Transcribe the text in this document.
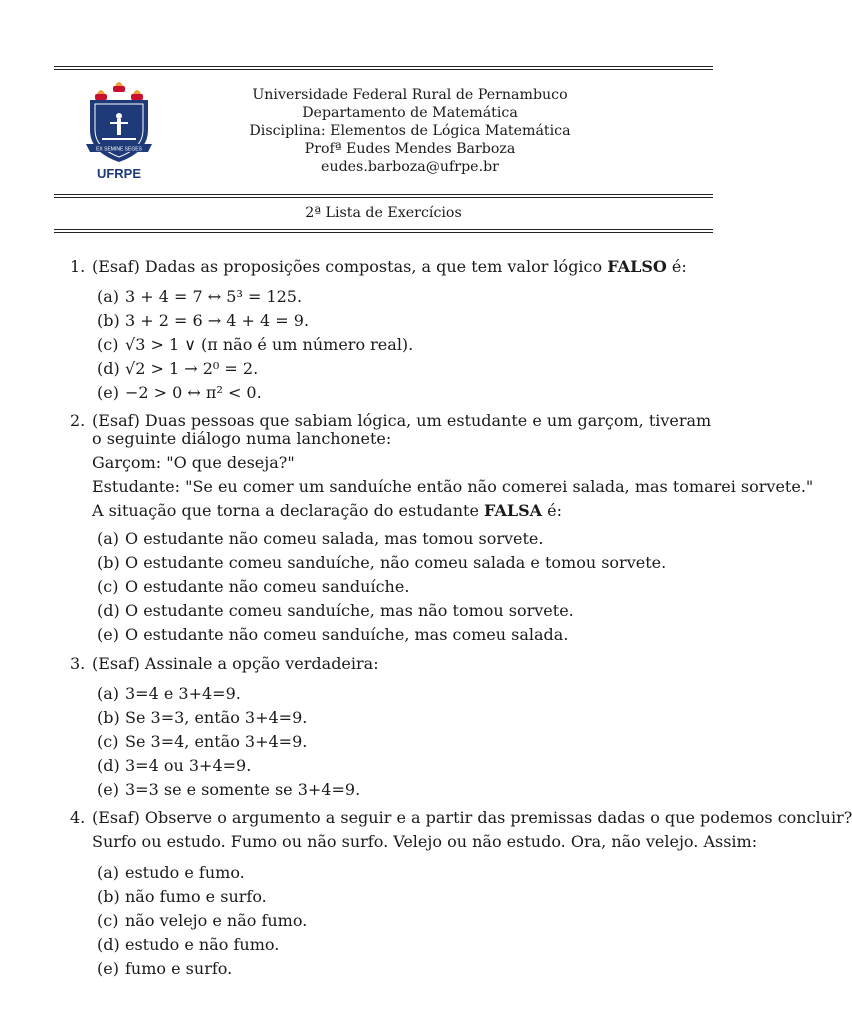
EX SEMINE SEGES
UFRPE
Universidade Federal Rural de Pernambuco
Departamento de Matemática
Disciplina: Elementos de Lógica Matemática
Profª Eudes Mendes Barboza
eudes.barboza@ufrpe.br
2ª Lista de Exercícios
1. (Esaf) Dadas as proposições compostas, a que tem valor lógico FALSO é:
(a) 3 + 4 = 7 ↔ 5³ = 125.
(b) 3 + 2 = 6 → 4 + 4 = 9.
(c) √3 > 1 ∨ (π não é um número real).
(d) √2 > 1 → 2⁰ = 2.
(e) −2 > 0 ↔ π² < 0.
2. (Esaf) Duas pessoas que sabiam lógica, um estudante e um garçom, tiveram o seguinte diálogo numa lanchonete:
Garçom: "O que deseja?"
Estudante: "Se eu comer um sanduíche então não comerei salada, mas tomarei sorvete."
A situação que torna a declaração do estudante FALSA é:
(a) O estudante não comeu salada, mas tomou sorvete.
(b) O estudante comeu sanduíche, não comeu salada e tomou sorvete.
(c) O estudante não comeu sanduíche.
(d) O estudante comeu sanduíche, mas não tomou sorvete.
(e) O estudante não comeu sanduíche, mas comeu salada.
3. (Esaf) Assinale a opção verdadeira:
(a) 3=4 e 3+4=9.
(b) Se 3=3, então 3+4=9.
(c) Se 3=4, então 3+4=9.
(d) 3=4 ou 3+4=9.
(e) 3=3 se e somente se 3+4=9.
4. (Esaf) Observe o argumento a seguir e a partir das premissas dadas o que podemos concluir?
Surfo ou estudo. Fumo ou não surfo. Velejo ou não estudo. Ora, não velejo. Assim:
(a) estudo e fumo.
(b) não fumo e surfo.
(c) não velejo e não fumo.
(d) estudo e não fumo.
(e) fumo e surfo.
